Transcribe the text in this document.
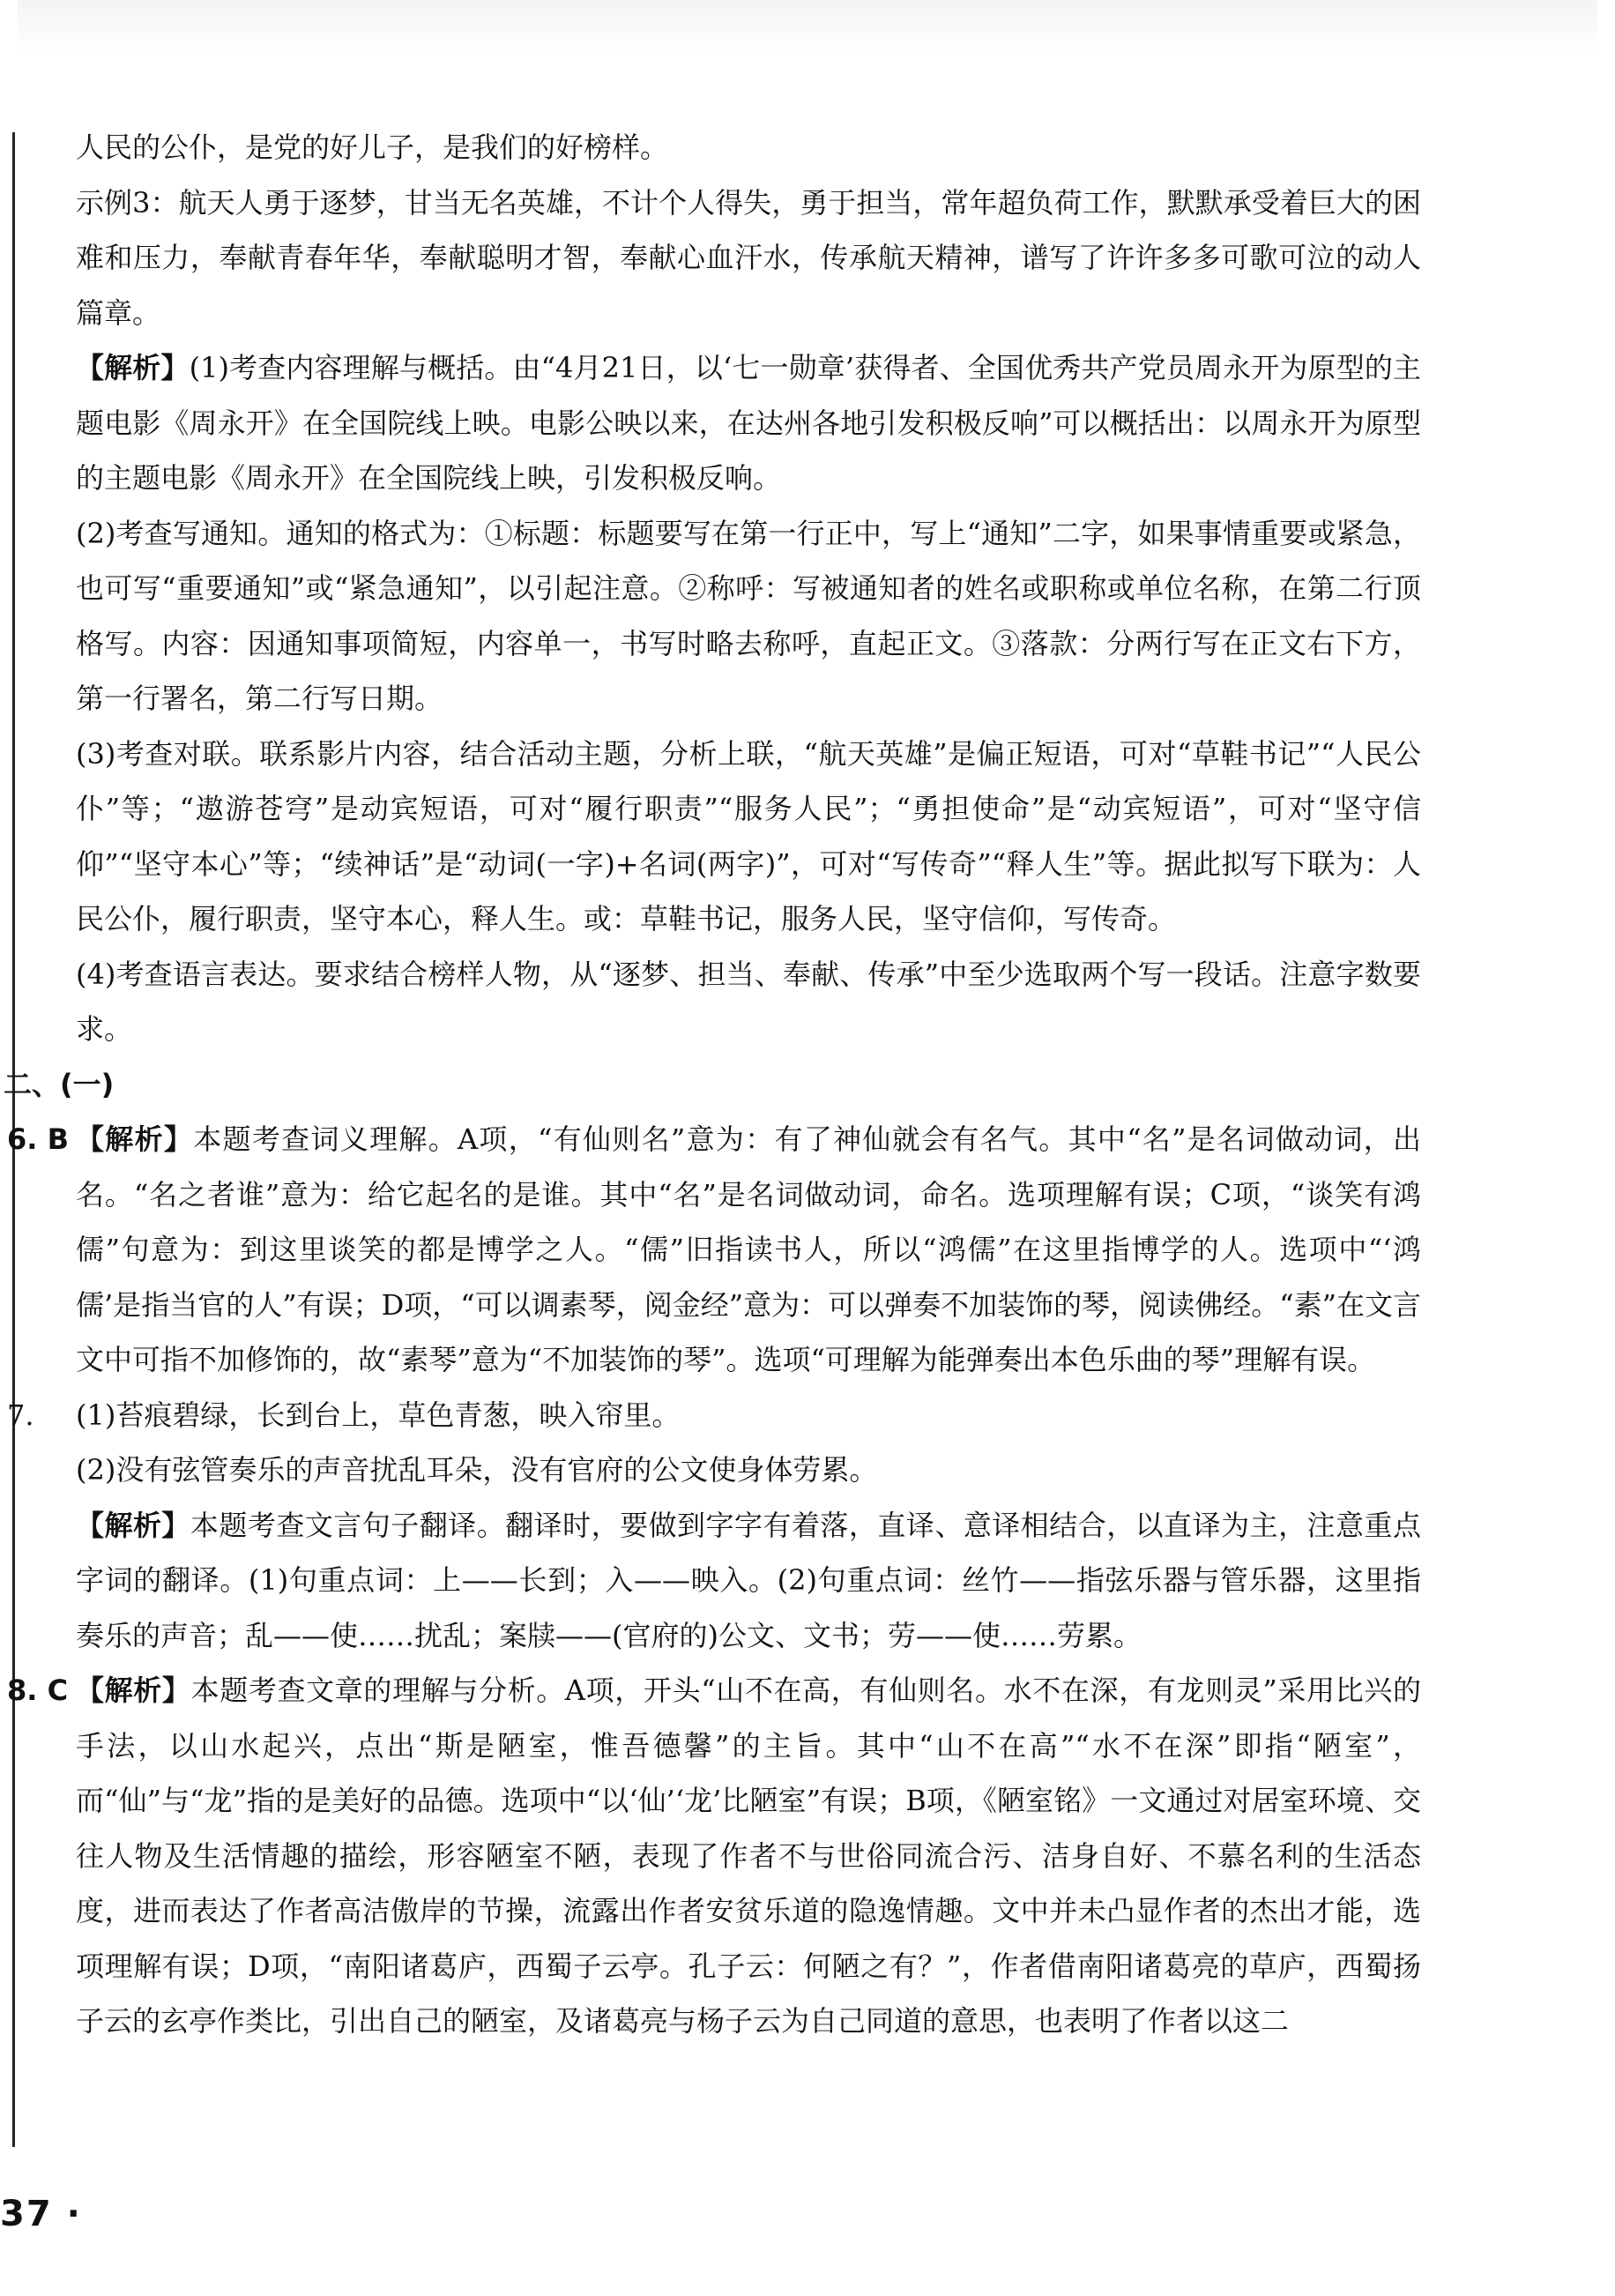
人民的公仆，是党的好儿子，是我们的好榜样。

示例3：航天人勇于逐梦，甘当无名英雄，不计个人得失，勇于担当，常年超负荷工作，默默承受着巨大的困难和压力，奉献青春年华，奉献聪明才智，奉献心血汗水，传承航天精神，谱写了许许多多可歌可泣的动人篇章。

【解析】(1)考查内容理解与概括。由“4月21日，以‘七一勋章’获得者、全国优秀共产党员周永开为原型的主题电影《周永开》在全国院线上映。电影公映以来，在达州各地引发积极反响”可以概括出：以周永开为原型的主题电影《周永开》在全国院线上映，引发积极反响。

(2)考查写通知。通知的格式为：①标题：标题要写在第一行正中，写上“通知”二字，如果事情重要或紧急，也可写“重要通知”或“紧急通知”，以引起注意。②称呼：写被通知者的姓名或职称或单位名称，在第二行顶格写。内容：因通知事项简短，内容单一，书写时略去称呼，直起正文。③落款：分两行写在正文右下方，第一行署名，第二行写日期。

(3)考查对联。联系影片内容，结合活动主题，分析上联，“航天英雄”是偏正短语，可对“草鞋书记”“人民公仆”等；“遨游苍穹”是动宾短语，可对“履行职责”“服务人民”；“勇担使命”是“动宾短语”，可对“坚守信仰”“坚守本心”等；“续神话”是“动词(一字)+名词(两字)”，可对“写传奇”“释人生”等。据此拟写下联为：人民公仆，履行职责，坚守本心，释人生。或：草鞋书记，服务人民，坚守信仰，写传奇。

(4)考查语言表达。要求结合榜样人物，从“逐梦、担当、奉献、传承”中至少选取两个写一段话。注意字数要求。

二、(一)

6. B 【解析】本题考查词义理解。A项，“有仙则名”意为：有了神仙就会有名气。其中“名”是名词做动词，出名。“名之者谁”意为：给它起名的是谁。其中“名”是名词做动词，命名。选项理解有误；C项，“谈笑有鸿儒”句意为：到这里谈笑的都是博学之人。“儒”旧指读书人，所以“鸿儒”在这里指博学的人。选项中“‘鸿儒’是指当官的人”有误；D项，“可以调素琴，阅金经”意为：可以弹奏不加装饰的琴，阅读佛经。“素”在文言文中可指不加修饰的，故“素琴”意为“不加装饰的琴”。选项“可理解为能弹奏出本色乐曲的琴”理解有误。

7. (1)苔痕碧绿，长到台上，草色青葱，映入帘里。

(2)没有弦管奏乐的声音扰乱耳朵，没有官府的公文使身体劳累。

【解析】本题考查文言句子翻译。翻译时，要做到字字有着落，直译、意译相结合，以直译为主，注意重点字词的翻译。(1)句重点词：上——长到；入——映入。(2)句重点词：丝竹——指弦乐器与管乐器，这里指奏乐的声音；乱——使……扰乱；案牍——(官府的)公文、文书；劳——使……劳累。

8. C 【解析】本题考查文章的理解与分析。A项，开头“山不在高，有仙则名。水不在深，有龙则灵”采用比兴的手法，以山水起兴，点出“斯是陋室，惟吾德馨”的主旨。其中“山不在高”“水不在深”即指“陋室”，而“仙”与“龙”指的是美好的品德。选项中“以‘仙’‘龙’比陋室”有误；B项，《陋室铭》一文通过对居室环境、交往人物及生活情趣的描绘，形容陋室不陋，表现了作者不与世俗同流合污、洁身自好、不慕名利的生活态度，进而表达了作者高洁傲岸的节操，流露出作者安贫乐道的隐逸情趣。文中并未凸显作者的杰出才能，选项理解有误；D项，“南阳诸葛庐，西蜀子云亭。孔子云：何陋之有？”，作者借南阳诸葛亮的草庐，西蜀扬子云的玄亭作类比，引出自己的陋室，及诸葛亮与杨子云为自己同道的意思，也表明了作者以这二

37 ·
